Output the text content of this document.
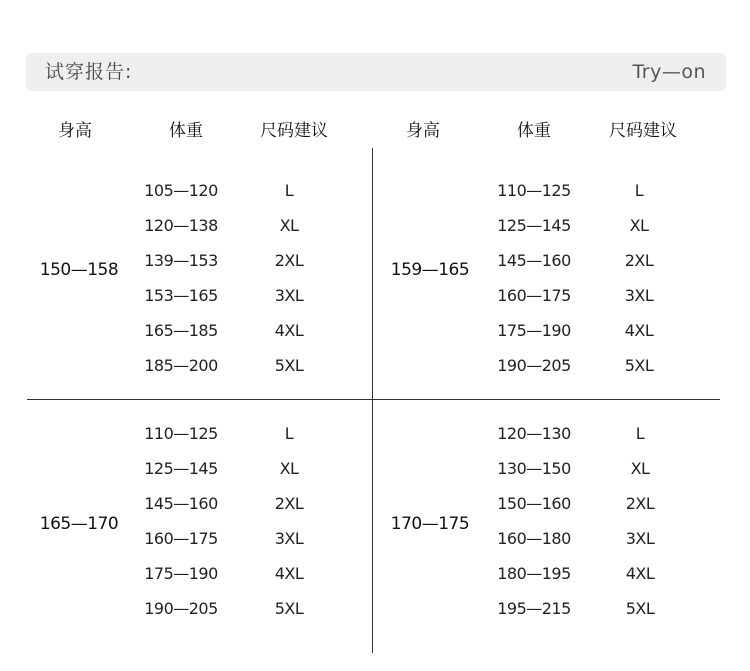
试穿报告:	Try—on
身高	体重	尺码建议	身高	体重	尺码建议
150—158
105—120	L
120—138	XL
139—153	2XL
153—165	3XL
165—185	4XL
185—200	5XL
159—165
110—125	L
125—145	XL
145—160	2XL
160—175	3XL
175—190	4XL
190—205	5XL
165—170
110—125	L
125—145	XL
145—160	2XL
160—175	3XL
175—190	4XL
190—205	5XL
170—175
120—130	L
130—150	XL
150—160	2XL
160—180	3XL
180—195	4XL
195—215	5XL
